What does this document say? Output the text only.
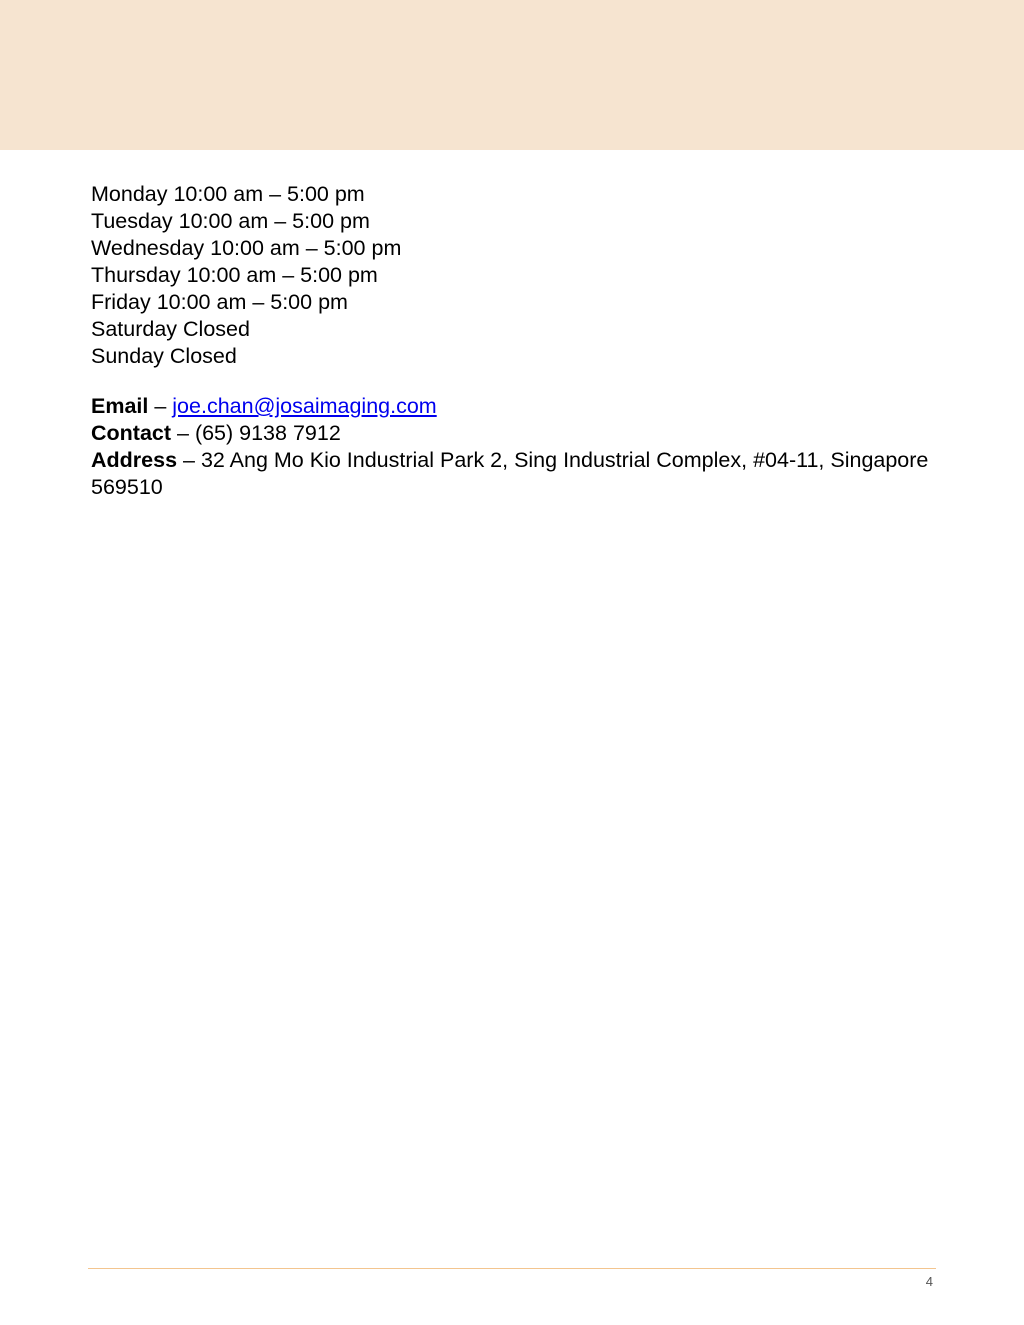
Monday 10:00 am – 5:00 pm
Tuesday 10:00 am – 5:00 pm
Wednesday 10:00 am – 5:00 pm
Thursday 10:00 am – 5:00 pm
Friday 10:00 am – 5:00 pm
Saturday Closed
Sunday Closed
Email – joe.chan@josaimaging.com
Contact – (65) 9138 7912
Address – 32 Ang Mo Kio Industrial Park 2, Sing Industrial Complex, #04-11, Singapore 569510
4
